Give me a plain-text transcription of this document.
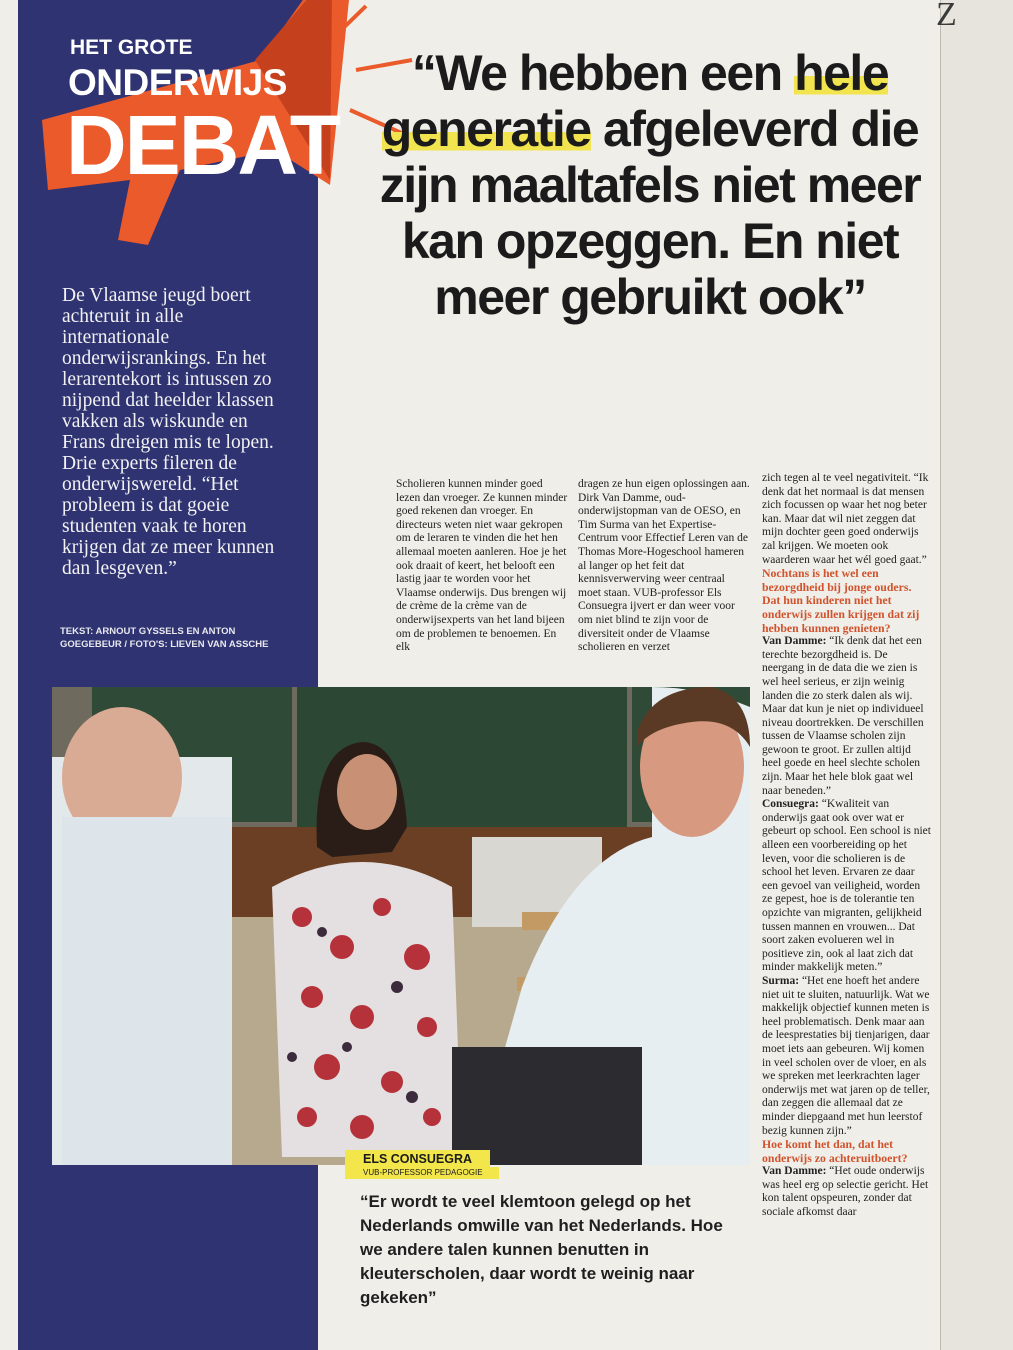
Z
HET GROTE
ONDERWIJS
DEBAT

“We hebben een hele generatie afgeleverd die zijn maaltafels niet meer kan opzeggen. En niet meer gebruikt ook”
De Vlaamse jeugd boert achteruit in alle internationale onderwijsrankings. En het lerarentekort is intussen zo nijpend dat heelder klassen vakken als wiskunde en Frans dreigen mis te lopen. Drie experts fileren de onderwijswereld. “Het probleem is dat goeie studenten vaak te horen krijgen dat ze meer kunnen dan lesgeven.”
TEKST: ARNOUT GYSSELS EN ANTON GOEGEBEUR / FOTO'S: LIEVEN VAN ASSCHE

Scholieren kunnen minder goed lezen dan vroeger. Ze kunnen minder goed rekenen dan vroeger. En directeurs weten niet waar gekropen om de leraren te vinden die het hen allemaal moeten aanleren. Hoe je het ook draait of keert, het belooft een lastig jaar te worden voor het Vlaamse onderwijs. Dus brengen wij de crème de la crème van de onderwijsexperts van het land bijeen om de problemen te benoemen. En elk

dragen ze hun eigen oplossingen aan. Dirk Van Damme, oud-onderwijstopman van de OESO, en Tim Surma van het Expertise-Centrum voor Effectief Leren van de Thomas More-Hogeschool hameren al langer op het feit dat kennisverwerving weer centraal moet staan. VUB-professor Els Consuegra ijvert er dan weer voor om niet blind te zijn voor de diversiteit onder de Vlaamse scholieren en verzet

zich tegen al te veel negativiteit. “Ik denk dat het normaal is dat mensen zich focussen op waar het nog beter kan. Maar dat wil niet zeggen dat mijn dochter geen goed onderwijs zal krijgen. We moeten ook waarderen waar het wél goed gaat.”

Nochtans is het wel een bezorgdheid bij jonge ouders. Dat hun kinderen niet het onderwijs zullen krijgen dat zij hebben kunnen genieten?

Van Damme: “Ik denk dat het een terechte bezorgdheid is. De neergang in de data die we zien is wel heel serieus, er zijn weinig landen die zo sterk dalen als wij. Maar dat kun je niet op individueel niveau doortrekken. De verschillen tussen de Vlaamse scholen zijn gewoon te groot. Er zullen altijd heel goede en heel slechte scholen zijn. Maar het hele blok gaat wel naar beneden.”

Consuegra: “Kwaliteit van onderwijs gaat ook over wat er gebeurt op school. Een school is niet alleen een voorbereiding op het leven, voor die scholieren is de school het leven. Ervaren ze daar een gevoel van veiligheid, worden ze gepest, hoe is de tolerantie ten opzichte van migranten, gelijkheid tussen mannen en vrouwen... Dat soort zaken evolueren wel in positieve zin, ook al laat zich dat minder makkelijk meten.”

Surma: “Het ene hoeft het andere niet uit te sluiten, natuurlijk. Wat we makkelijk objectief kunnen meten is heel problematisch. Denk maar aan de leesprestaties bij tienjarigen, daar moet iets aan gebeuren. Wij komen in veel scholen over de vloer, en als we spreken met leerkrachten lager onderwijs met wat jaren op de teller, dan zeggen die allemaal dat ze minder diepgaand met hun leerstof bezig kunnen zijn.”

Hoe komt het dan, dat het onderwijs zo achteruitboert?

Van Damme: “Het oude onderwijs was heel erg op selectie gericht. Het kon talent opspeuren, zonder dat sociale afkomst daar

ELS CONSUEGRA
VUB-PROFESSOR PEDAGOGIE
“Er wordt te veel klemtoon gelegd op het Nederlands omwille van het Nederlands. Hoe we andere talen kunnen benutten in kleuterscholen, daar wordt te weinig naar gekeken”
